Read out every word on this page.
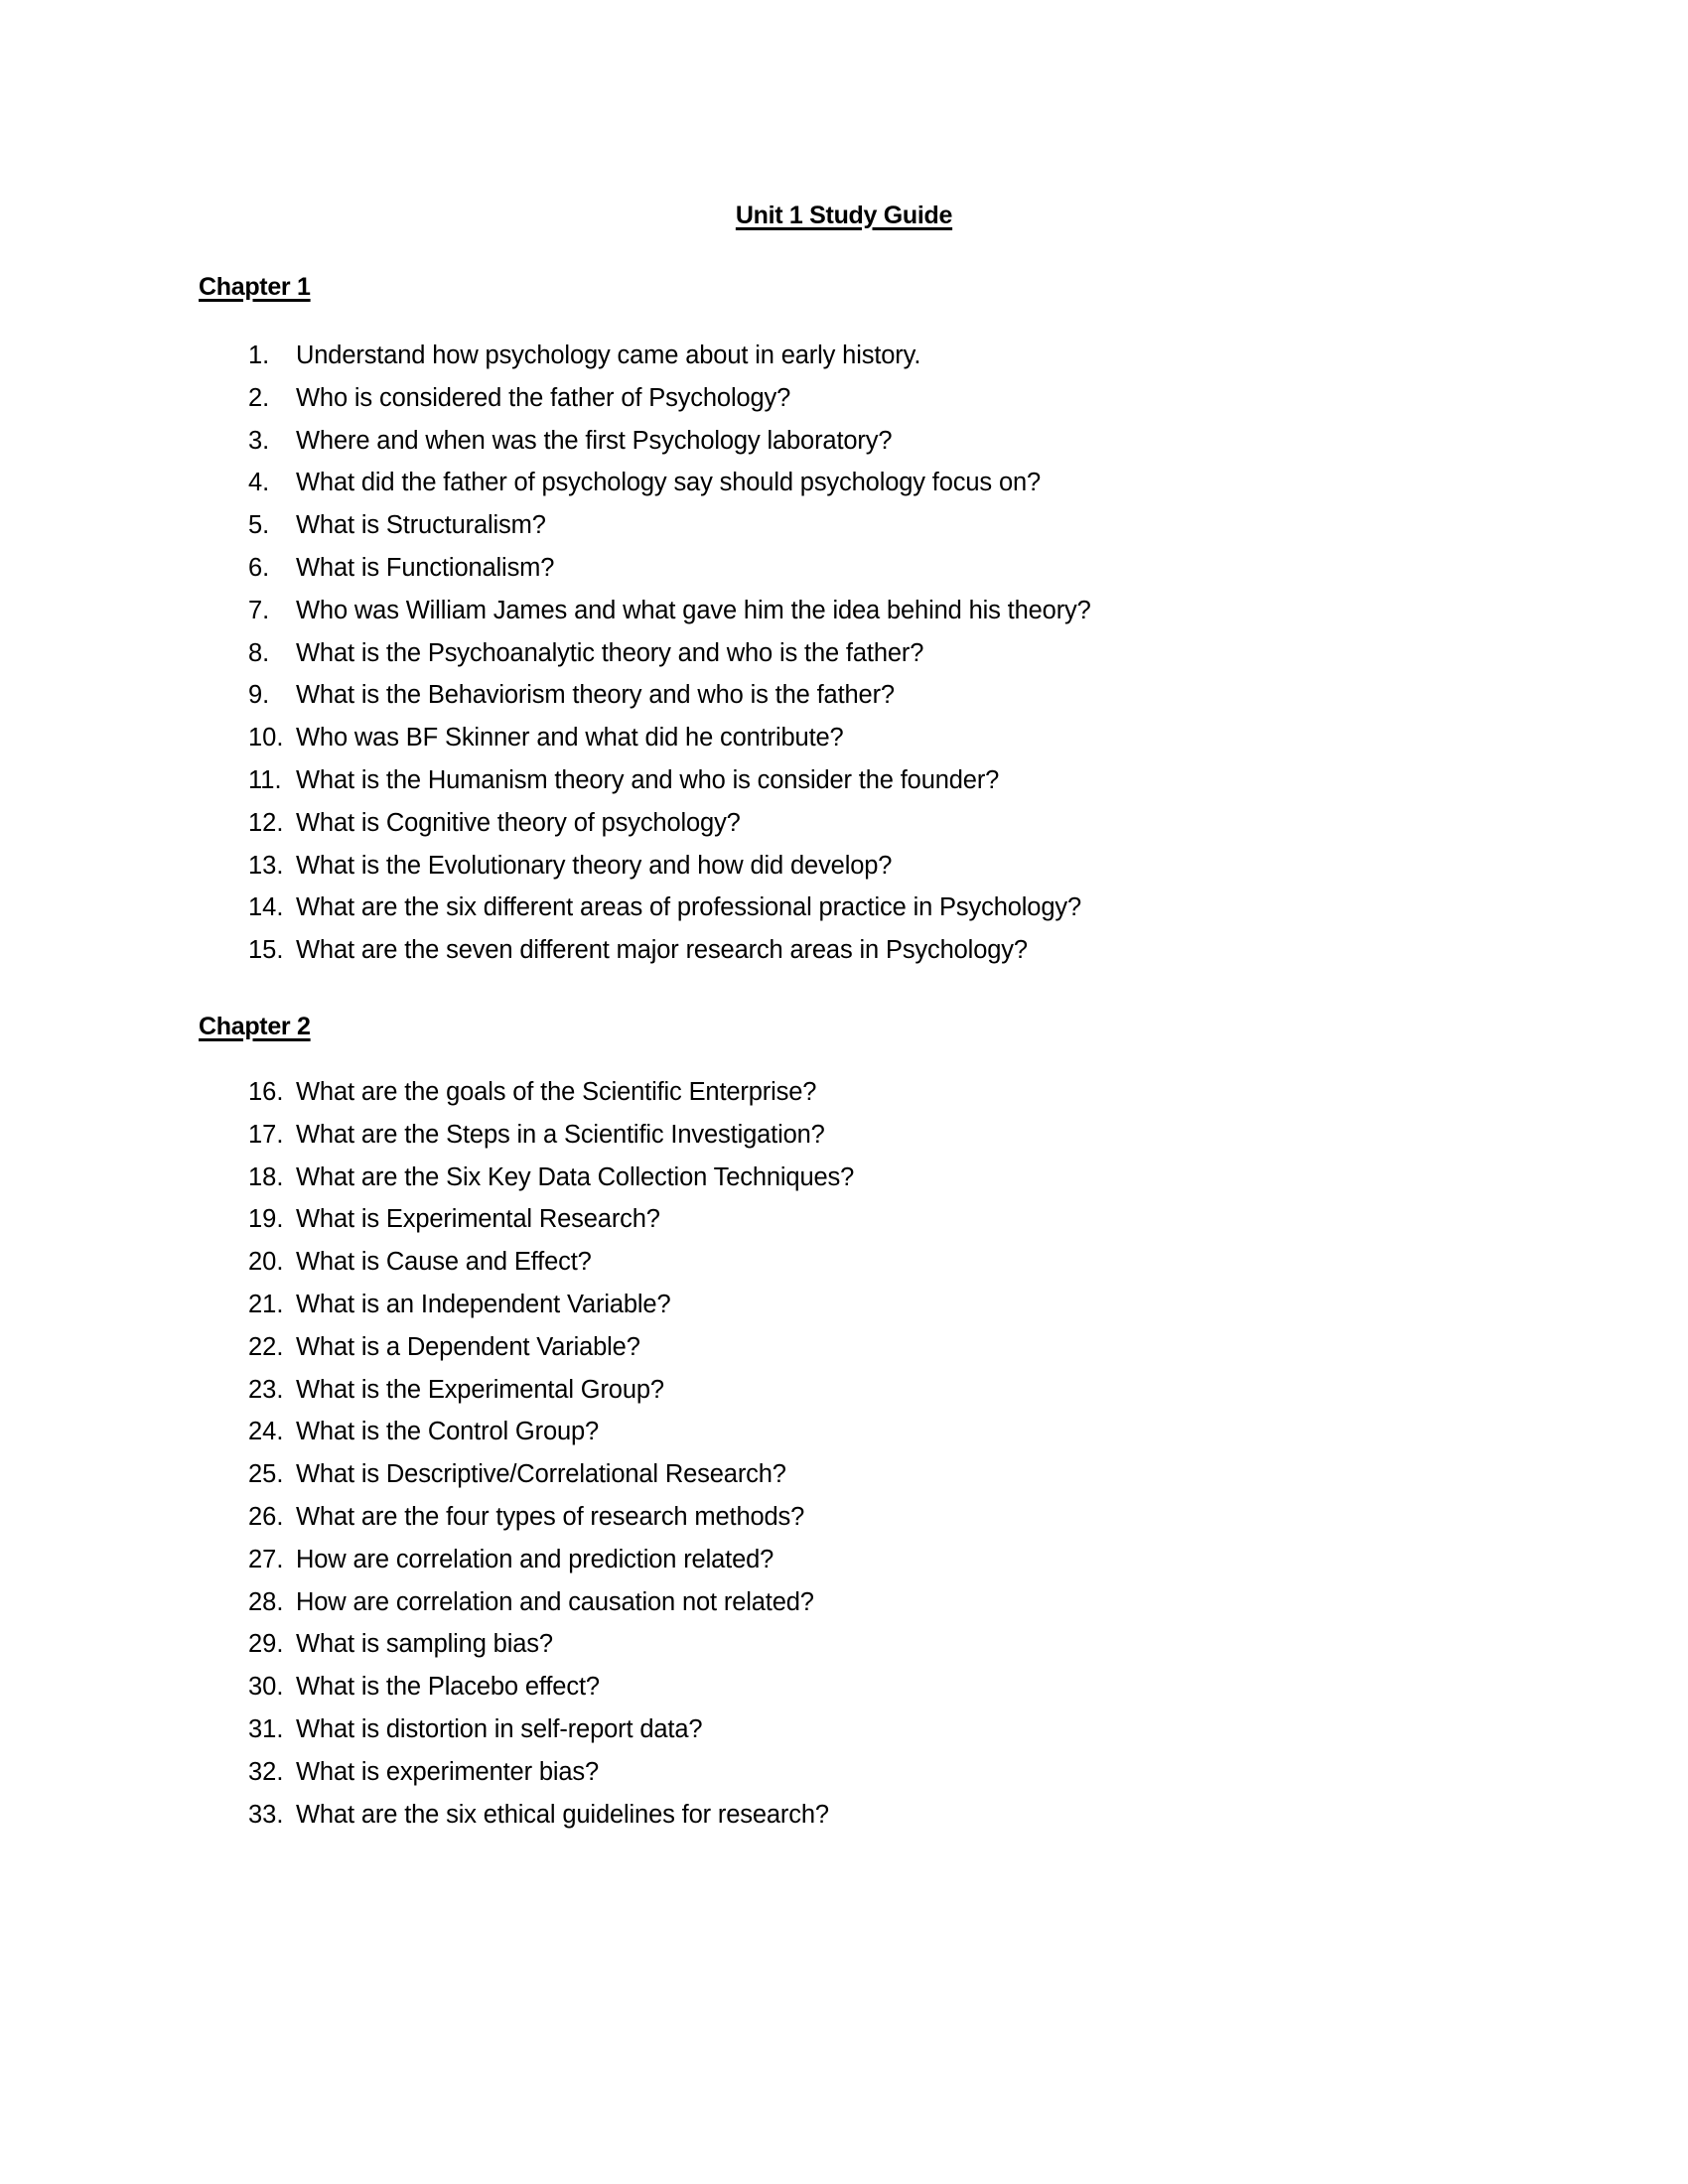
Unit 1 Study Guide
Chapter 1
1. Understand how psychology came about in early history.
2. Who is considered the father of Psychology?
3. Where and when was the first Psychology laboratory?
4. What did the father of psychology say should psychology focus on?
5. What is Structuralism?
6. What is Functionalism?
7. Who was William James and what gave him the idea behind his theory?
8. What is the Psychoanalytic theory and who is the father?
9. What is the Behaviorism theory and who is the father?
10. Who was BF Skinner and what did he contribute?
11. What is the Humanism theory and who is consider the founder?
12. What is Cognitive theory of psychology?
13. What is the Evolutionary theory and how did develop?
14. What are the six different areas of professional practice in Psychology?
15. What are the seven different major research areas in Psychology?
Chapter 2
16. What are the goals of the Scientific Enterprise?
17. What are the Steps in a Scientific Investigation?
18. What are the Six Key Data Collection Techniques?
19. What is Experimental Research?
20. What is Cause and Effect?
21. What is an Independent Variable?
22. What is a Dependent Variable?
23. What is the Experimental Group?
24. What is the Control Group?
25. What is Descriptive/Correlational Research?
26. What are the four types of research methods?
27. How are correlation and prediction related?
28. How are correlation and causation not related?
29. What is sampling bias?
30. What is the Placebo effect?
31. What is distortion in self-report data?
32. What is experimenter bias?
33. What are the six ethical guidelines for research?
